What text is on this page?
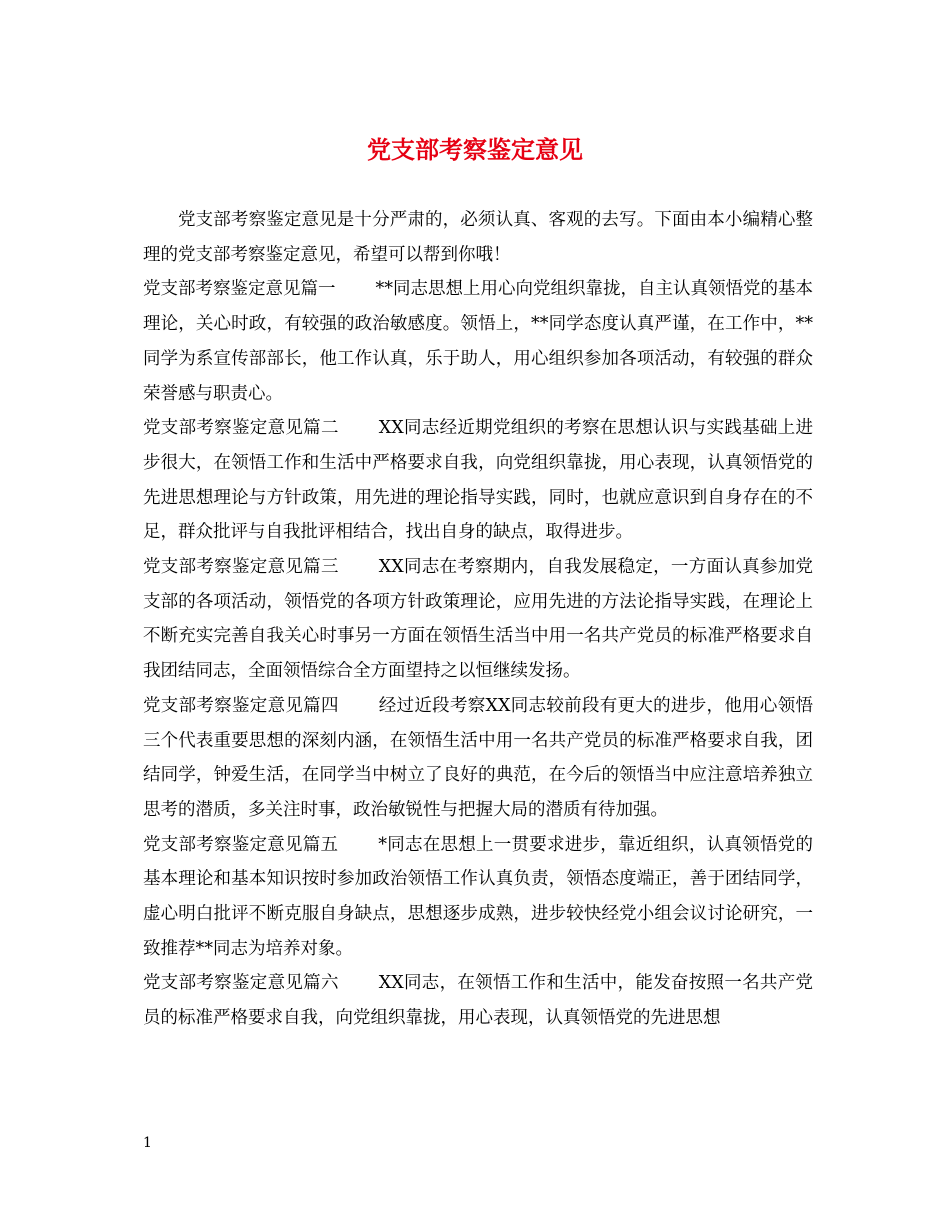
党支部考察鉴定意见

党支部考察鉴定意见是十分严肃的，必须认真、客观的去写。下面由本小编精心整理的党支部考察鉴定意见，希望可以帮到你哦！

党支部考察鉴定意见篇一 **同志思想上用心向党组织靠拢，自主认真领悟党的基本理论，关心时政，有较强的政治敏感度。领悟上，**同学态度认真严谨，在工作中，**同学为系宣传部部长，他工作认真，乐于助人，用心组织参加各项活动，有较强的群众荣誉感与职责心。

党支部考察鉴定意见篇二 XX同志经近期党组织的考察在思想认识与实践基础上进步很大，在领悟工作和生活中严格要求自我，向党组织靠拢，用心表现，认真领悟党的先进思想理论与方针政策，用先进的理论指导实践，同时，也就应意识到自身存在的不足，群众批评与自我批评相结合，找出自身的缺点，取得进步。

党支部考察鉴定意见篇三 XX同志在考察期内，自我发展稳定，一方面认真参加党支部的各项活动，领悟党的各项方针政策理论，应用先进的方法论指导实践，在理论上不断充实完善自我关心时事另一方面在领悟生活当中用一名共产党员的标准严格要求自我团结同志，全面领悟综合全方面望持之以恒继续发扬。

党支部考察鉴定意见篇四 经过近段考察XX同志较前段有更大的进步，他用心领悟三个代表重要思想的深刻内涵，在领悟生活中用一名共产党员的标准严格要求自我，团结同学，钟爱生活，在同学当中树立了良好的典范，在今后的领悟当中应注意培养独立思考的潜质，多关注时事，政治敏锐性与把握大局的潜质有待加强。

党支部考察鉴定意见篇五 *同志在思想上一贯要求进步，靠近组织，认真领悟党的基本理论和基本知识按时参加政治领悟工作认真负责，领悟态度端正，善于团结同学，虚心明白批评不断克服自身缺点，思想逐步成熟，进步较快经党小组会议讨论研究，一致推荐**同志为培养对象。

党支部考察鉴定意见篇六 XX同志，在领悟工作和生活中，能发奋按照一名共产党员的标准严格要求自我，向党组织靠拢，用心表现，认真领悟党的先进思想

1
